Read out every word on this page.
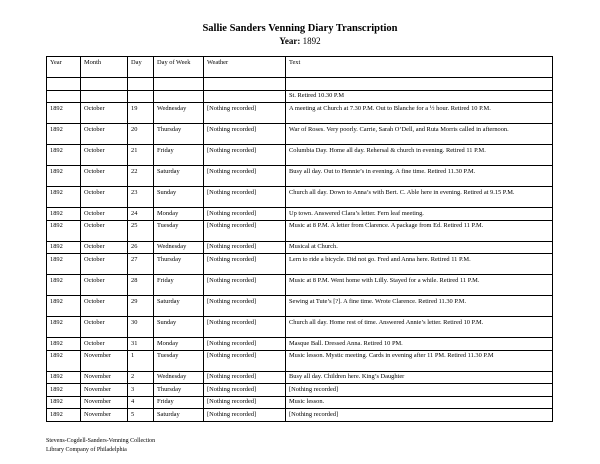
Sallie Sanders Venning Diary Transcription
Year: 1892
Year	Month	Day	Day of Week	Weather	Text

					St. Retired 10.30 P.M
1892	October	19	Wednesday	[Nothing recorded]	A meeting at Church at 7.30 P.M. Out to Blanche for a ½ hour. Retired 10 P.M.
1892	October	20	Thursday	[Nothing recorded]	War of Roses. Very poorly. Carrie, Sarah O’Dell, and Ruta Morris called in afternoon.
1892	October	21	Friday	[Nothing recorded]	Columbia Day. Home all day. Rehersal & church in evening. Retired 11 P.M.
1892	October	22	Saturday	[Nothing recorded]	Busy all day. Out to Hennie’s in evening. A fine time. Retired 11.30 P.M.
1892	October	23	Sunday	[Nothing recorded]	Church all day. Down to Anna’s with Bert. C. Able here in evening. Retired at 9.15 P.M.
1892	October	24	Monday	[Nothing recorded]	Up town. Answered Clara’s letter. Fern leaf meeting.
1892	October	25	Tuesday	[Nothing recorded]	Music at 8 P.M. A letter from Clarence. A package from Ed. Retired 11 P.M.
1892	October	26	Wednesday	[Nothing recorded]	Musical at Church.
1892	October	27	Thursday	[Nothing recorded]	Lern to ride a bicycle. Did not go. Fred and Anna here. Retired 11 P.M.
1892	October	28	Friday	[Nothing recorded]	Music at 8 P.M. Went home with Lilly. Stayed for a while. Retired 11 P.M.
1892	October	29	Saturday	[Nothing recorded]	Sewing at Tute’s [?]. A fine time. Wrote Clarence. Retired 11.30 P.M.
1892	October	30	Sunday	[Nothing recorded]	Church all day. Home rest of time. Answered Annie’s letter. Retired 10 P.M.
1892	October	31	Monday	[Nothing recorded]	Masque Ball. Dressed Anna. Retired 10 PM.
1892	November	1	Tuesday	[Nothing recorded]	Music lesson. Mystic meeting. Cards in evening after 11 PM. Retired 11.30 P.M
1892	November	2	Wednesday	[Nothing recorded]	Busy all day. Children here. King’s Daughter
1892	November	3	Thursday	[Nothing recorded]	[Nothing recorded]
1892	November	4	Friday	[Nothing recorded]	Music lesson.
1892	November	5	Saturday	[Nothing recorded]	[Nothing recorded]
Stevens-Cogdell-Sanders-Venning Collection
Library Company of Philadelphia
